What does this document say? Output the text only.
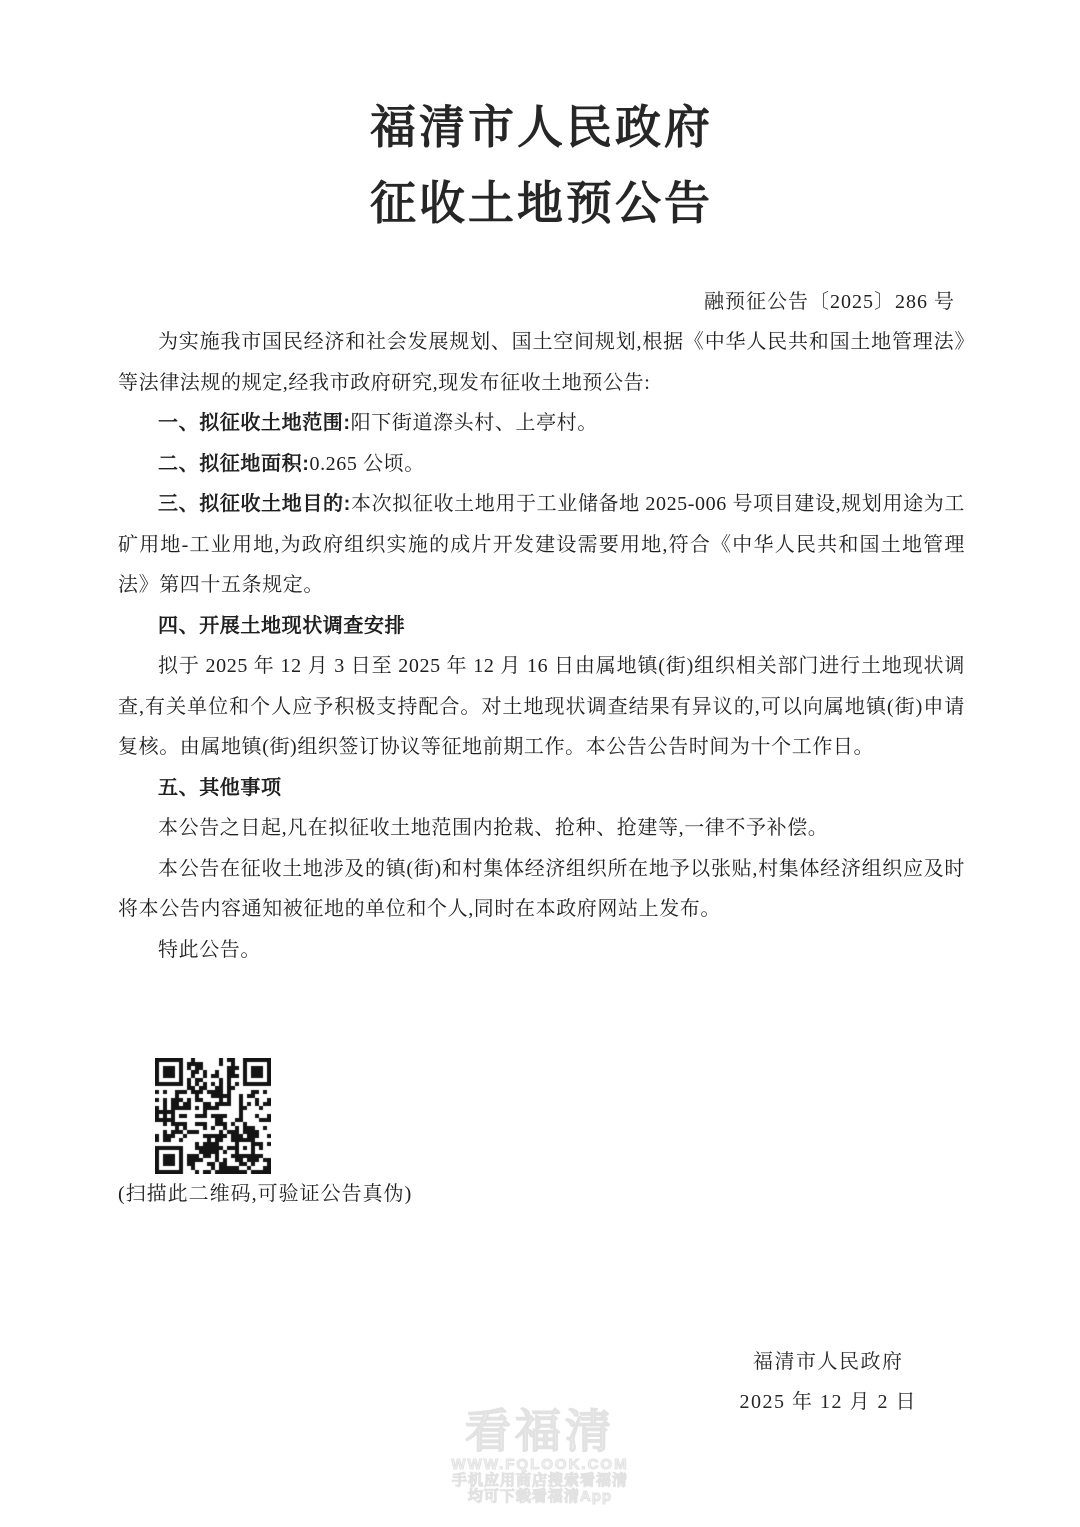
福清市人民政府
征收土地预公告
融预征公告〔2025〕286 号

为实施我市国民经济和社会发展规划、国土空间规划,根据《中华人民共和国土地管理法》等法律法规的规定,经我市政府研究,现发布征收土地预公告:

一、拟征收土地范围:阳下街道漈头村、上亭村。

二、拟征地面积:0.265 公顷。

三、拟征收土地目的:本次拟征收土地用于工业储备地 2025-006 号项目建设,规划用途为工矿用地-工业用地,为政府组织实施的成片开发建设需要用地,符合《中华人民共和国土地管理法》第四十五条规定。

四、开展土地现状调查安排

拟于 2025 年 12 月 3 日至 2025 年 12 月 16 日由属地镇(街)组织相关部门进行土地现状调查,有关单位和个人应予积极支持配合。对土地现状调查结果有异议的,可以向属地镇(街)申请复核。由属地镇(街)组织签订协议等征地前期工作。本公告公告时间为十个工作日。

五、其他事项

本公告之日起,凡在拟征收土地范围内抢栽、抢种、抢建等,一律不予补偿。

本公告在征收土地涉及的镇(街)和村集体经济组织所在地予以张贴,村集体经济组织应及时将本公告内容通知被征地的单位和个人,同时在本政府网站上发布。

特此公告。

(扫描此二维码,可验证公告真伪)

福清市人民政府
2025 年 12 月 2 日
看福清
WWW.FQLOOK.COM
手机应用商店搜索看福清
均可下载看福清App
